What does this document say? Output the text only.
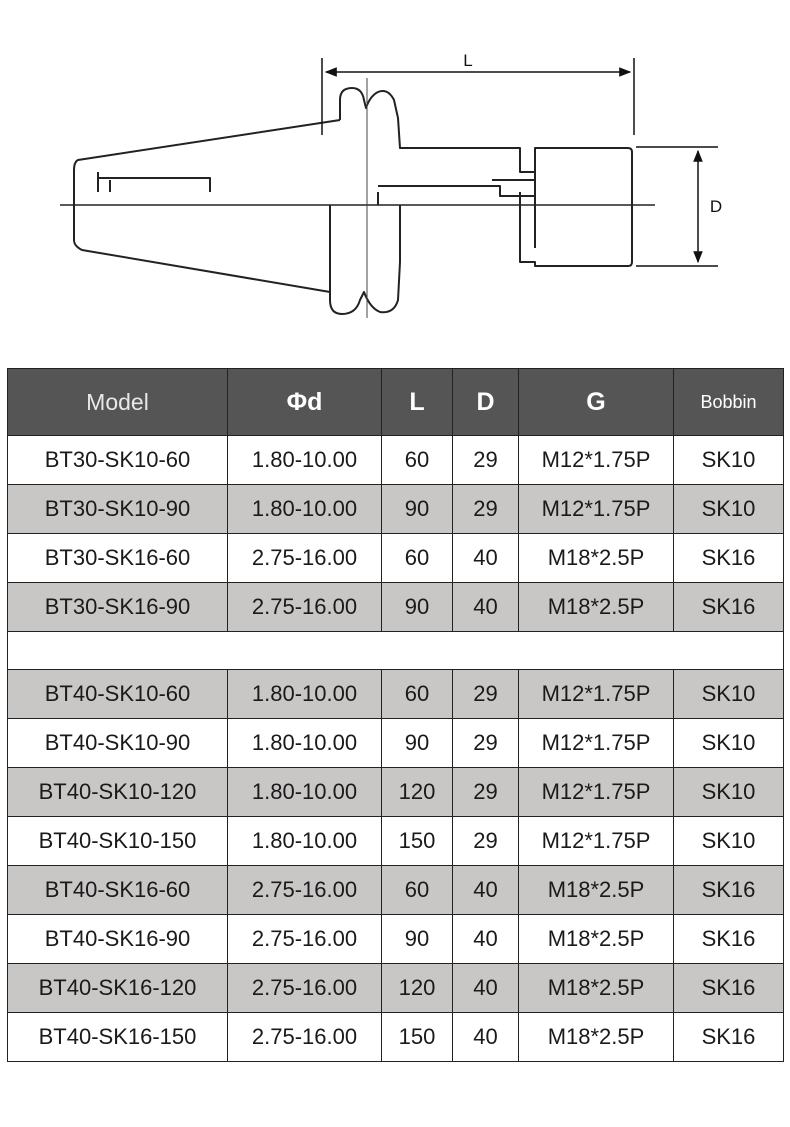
L
D
Model	Φd	L	D	G	Bobbin
BT30-SK10-60	1.80-10.00	60	29	M12*1.75P	SK10
BT30-SK10-90	1.80-10.00	90	29	M12*1.75P	SK10
BT30-SK16-60	2.75-16.00	60	40	M18*2.5P	SK16
BT30-SK16-90	2.75-16.00	90	40	M18*2.5P	SK16

BT40-SK10-60	1.80-10.00	60	29	M12*1.75P	SK10
BT40-SK10-90	1.80-10.00	90	29	M12*1.75P	SK10
BT40-SK10-120	1.80-10.00	120	29	M12*1.75P	SK10
BT40-SK10-150	1.80-10.00	150	29	M12*1.75P	SK10
BT40-SK16-60	2.75-16.00	60	40	M18*2.5P	SK16
BT40-SK16-90	2.75-16.00	90	40	M18*2.5P	SK16
BT40-SK16-120	2.75-16.00	120	40	M18*2.5P	SK16
BT40-SK16-150	2.75-16.00	150	40	M18*2.5P	SK16
